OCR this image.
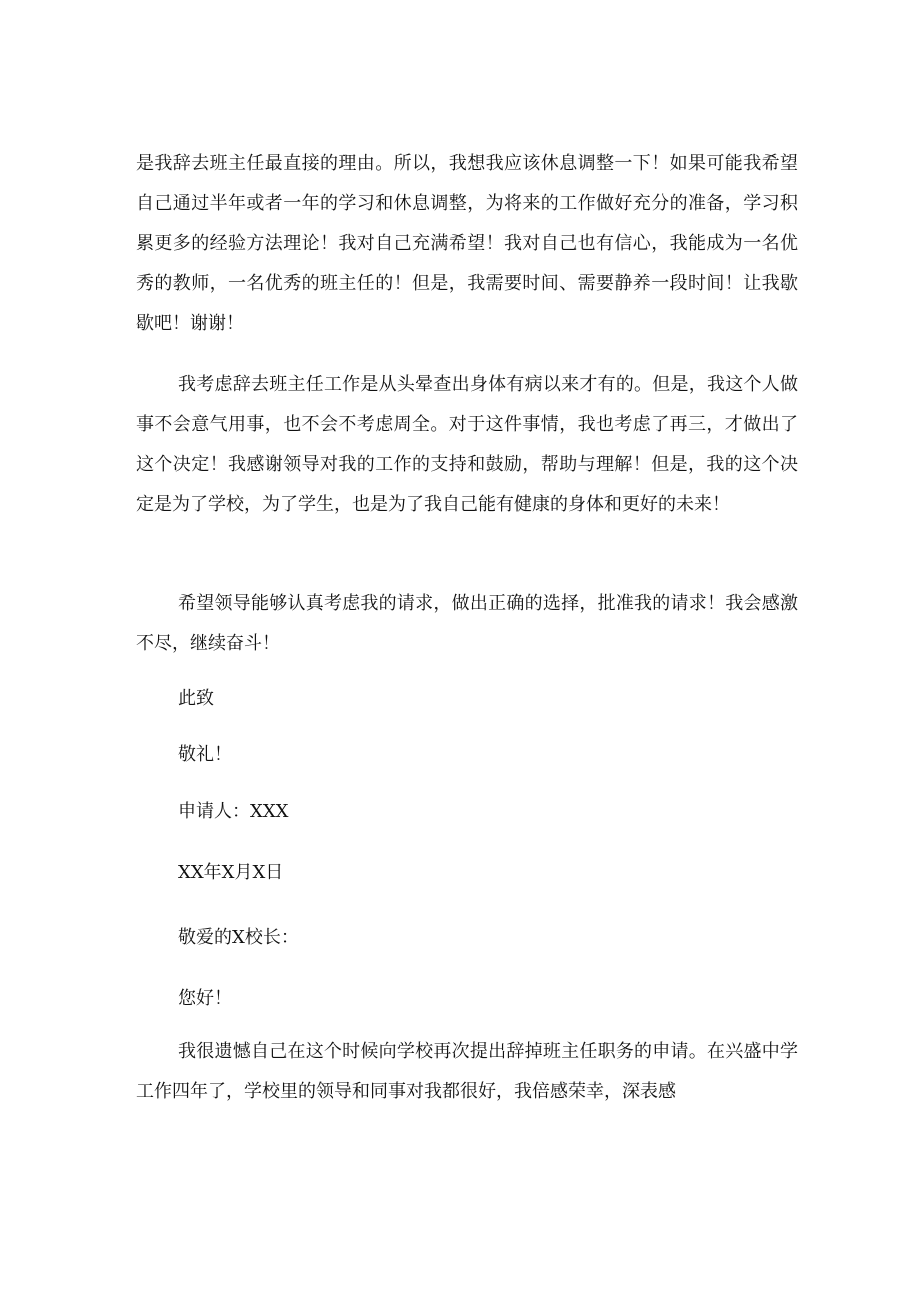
是我辞去班主任最直接的理由。所以，我想我应该休息调整一下！如果可能我希望自己通过半年或者一年的学习和休息调整，为将来的工作做好充分的准备，学习积累更多的经验方法理论！我对自己充满希望！我对自己也有信心，我能成为一名优秀的教师，一名优秀的班主任的！但是，我需要时间、需要静养一段时间！让我歇歇吧！谢谢！

我考虑辞去班主任工作是从头晕查出身体有病以来才有的。但是，我这个人做事不会意气用事，也不会不考虑周全。对于这件事情，我也考虑了再三，才做出了这个决定！我感谢领导对我的工作的支持和鼓励，帮助与理解！但是，我的这个决定是为了学校，为了学生，也是为了我自己能有健康的身体和更好的未来！

希望领导能够认真考虑我的请求，做出正确的选择，批准我的请求！我会感激不尽，继续奋斗！

此致

敬礼！

申请人：XXX

XX年X月X日

敬爱的X校长：

您好！

我很遗憾自己在这个时候向学校再次提出辞掉班主任职务的申请。在兴盛中学工作四年了，学校里的领导和同事对我都很好，我倍感荣幸，深表感
